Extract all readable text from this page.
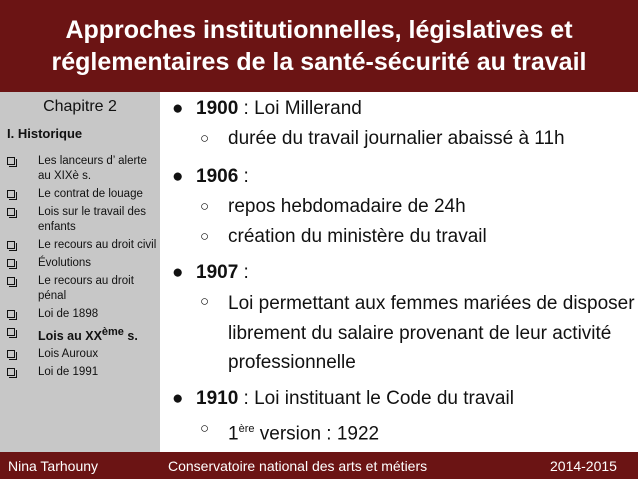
Approches institutionnelles, législatives et
réglementaires de la santé-sécurité au travail
Chapitre 2
I. Historique
Les lanceurs d’ alerte au XIXè s.
Le contrat de louage
Lois sur le travail des enfants
Le recours au droit civil
Évolutions
Le recours au droit pénal
Loi de 1898
Lois au XXème s.
Lois Auroux
Loi de 1991
● 1900 : Loi Millerand
○ durée du travail journalier abaissé à 11h
● 1906 :
○ repos hebdomadaire de 24h
○ création du ministère du travail
● 1907 :
○ Loi permettant aux femmes mariées de disposer librement du salaire provenant de leur activité professionnelle
● 1910 : Loi instituant le Code du travail
○ 1ère version : 1922
Nina Tarhouny	Conservatoire national des arts et métiers	2014-2015
